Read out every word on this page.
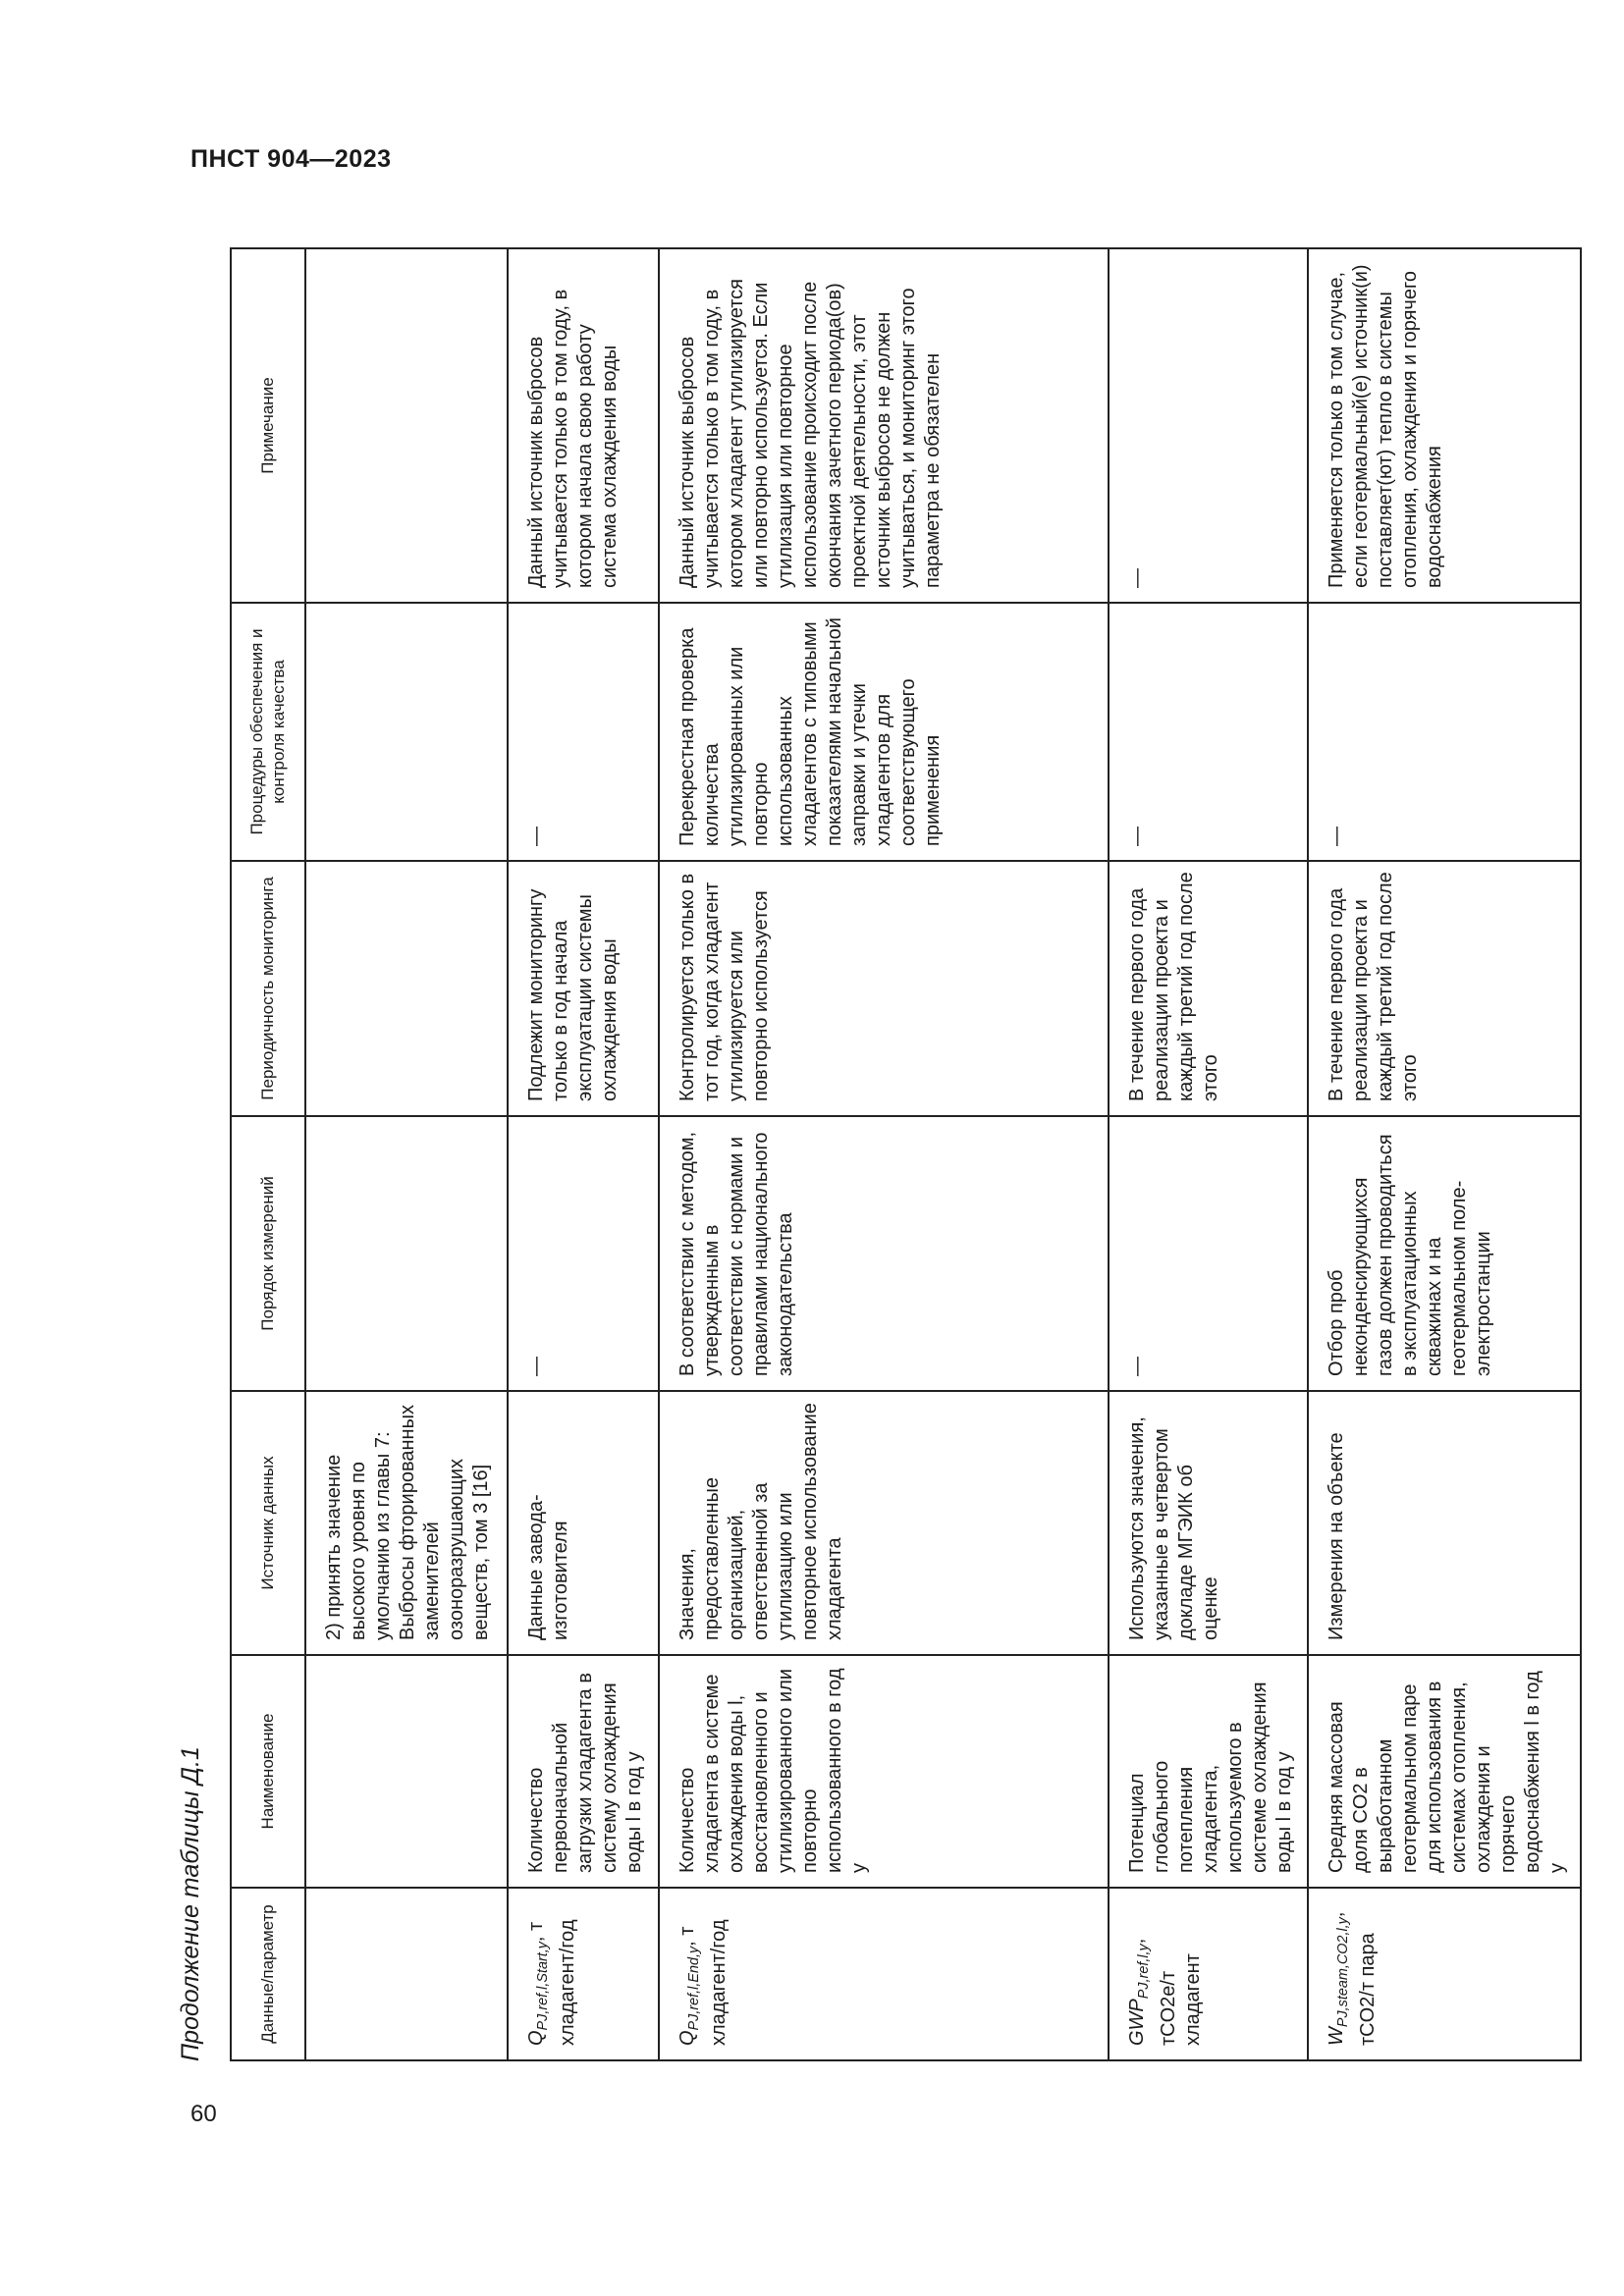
ПНСТ 904—2023
60
Продолжение таблицы Д.1	Данные/параметр	Наименование	Источник данных	Порядок измерений	Периодичность мониторинга	Процедуры обеспечения и контроля качества	Примечание
		2) принять значение высокого уровня по умолчанию из главы 7: Выбросы фторированных заменителей озоноразрушающих веществ, том 3 [16]				
$Q_{PJ,ref,l,Start,y}$, т хладагент/год	Количество первоначальной загрузки хладагента в систему охлаждения воды l в год y	Данные завода-изготовителя	—	Подлежит мониторингу только в год начала эксплуатации системы охлаждения воды	—	Данный источник выбросов учитывается только в том году, в котором начала свою работу система охлаждения воды
$Q_{PJ,ref,l,End,y}$, т хладагент/год	Количество хладагента в системе охлаждения воды l, восстановленного и утилизированного или повторно использованного в год y	Значения, предоставленные организацией, ответственной за утилизацию или повторное использование хладагента	В соответствии с методом, утвержденным в соответствии с нормами и правилами национального законодательства	Контролируется только в тот год, когда хладагент утилизируется или повторно используется	Перекрестная проверка количества утилизированных или повторно использованных хладагентов с типовыми показателями начальной заправки и утечки хладагентов для соответствующего применения	Данный источник выбросов учитывается только в том году, в котором хладагент утилизируется или повторно используется. Если утилизация или повторное использование происходит после окончания зачетного периода(ов) проектной деятельности, этот источник выбросов не должен учитываться, и мониторинг этого параметра не обязателен
$GWP_{PJ,ref,l,y}$, тCO2е/т хладагент	Потенциал глобального потепления хладагента, используемого в системе охлаждения воды l в год y	Используются значения, указанные в четвертом докладе МГЭИК об оценке	—	В течение первого года реализации проекта и каждый третий год после этого	—	—
$W_{PJ,steam,CO2,l,y}$, тCO2/т пара	Средняя массовая доля CO2 в выработанном геотермальном паре для использования в системах отопления, охлаждения и горячего водоснабжения l в год y	Измерения на объекте	Отбор проб неконденсирующихся газов должен проводиться в эксплуатационных скважинах и на геотермальном поле-электростанции	В течение первого года реализации проекта и каждый третий год после этого	—	Применяется только в том случае, если геотермальный(е) источник(и) поставляет(ют) тепло в системы отопления, охлаждения и горячего водоснабжения
